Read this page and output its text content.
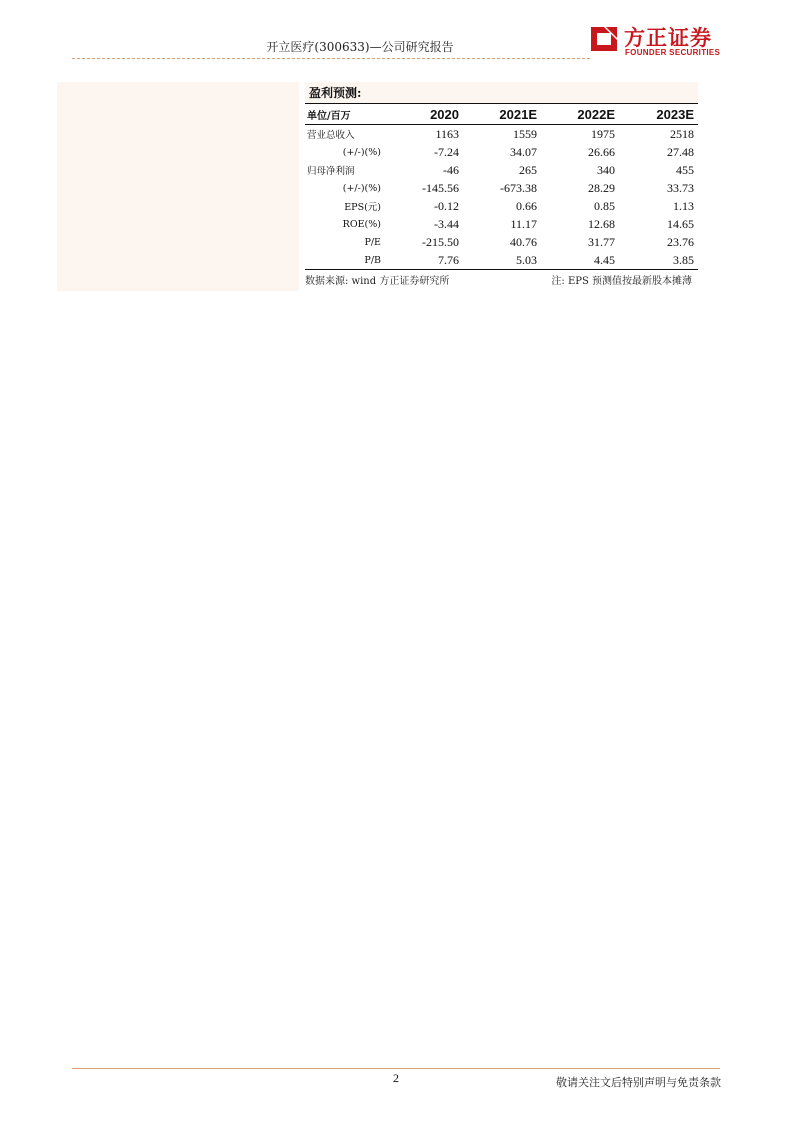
开立医疗(300633)—公司研究报告	方正证券
FOUNDER SECURITIES
盈利预测:
单位/百万	2020	2021E	2022E	2023E
营业总收入	1163	1559	1975	2518
(+/-)(%)	-7.24	34.07	26.66	27.48
归母净利润	-46	265	340	455
(+/-)(%)	-145.56	-673.38	28.29	33.73
EPS(元)	-0.12	0.66	0.85	1.13
ROE(%)	-3.44	11.17	12.68	14.65
P/E	-215.50	40.76	31.77	23.76
P/B	7.76	5.03	4.45	3.85
数据来源: wind 方正证券研究所	注: EPS 预测值按最新股本摊薄
2	敬请关注文后特别声明与免责条款
